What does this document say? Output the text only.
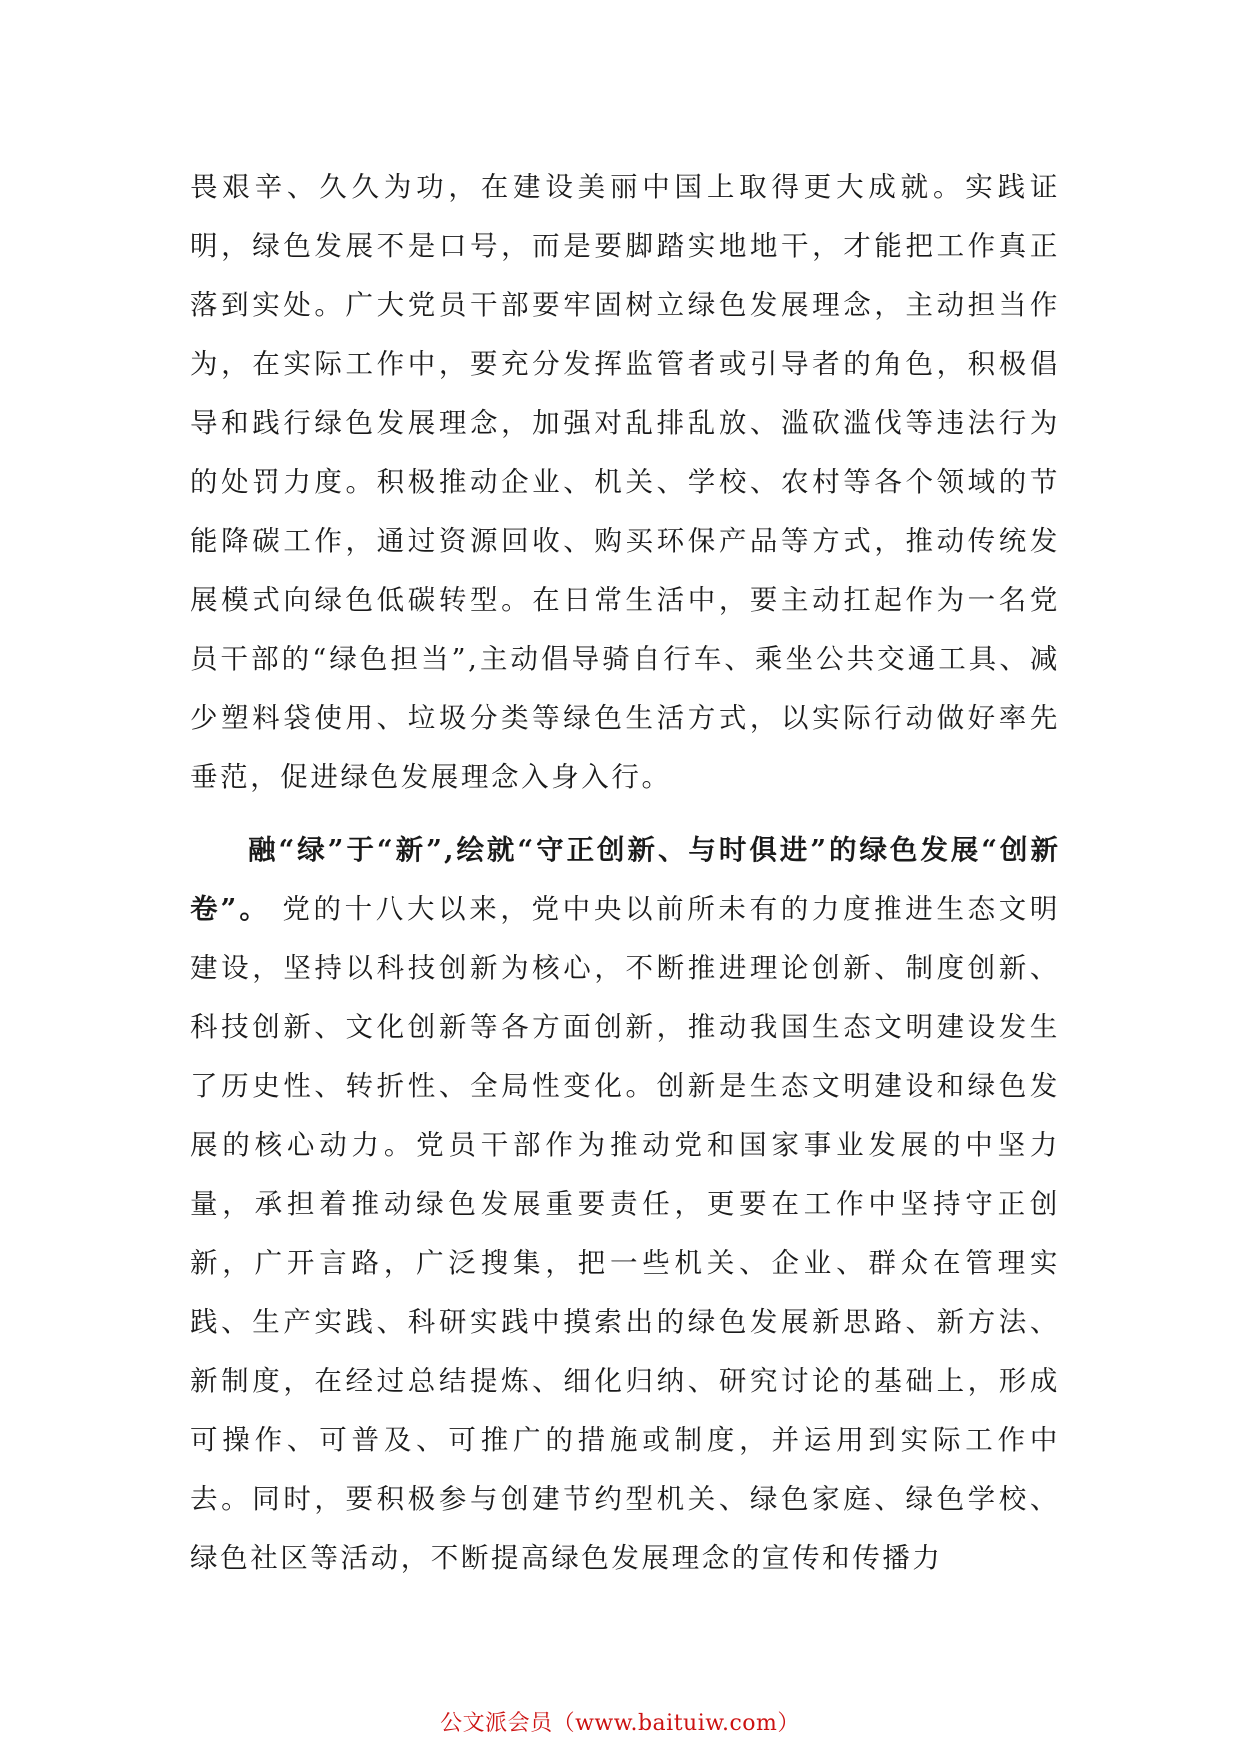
畏艰辛、久久为功，在建设美丽中国上取得更大成就。实践证明，绿色发展不是口号，而是要脚踏实地地干，才能把工作真正落到实处。广大党员干部要牢固树立绿色发展理念，主动担当作为，在实际工作中，要充分发挥监管者或引导者的角色，积极倡导和践行绿色发展理念，加强对乱排乱放、滥砍滥伐等违法行为的处罚力度。积极推动企业、机关、学校、农村等各个领域的节能降碳工作，通过资源回收、购买环保产品等方式，推动传统发展模式向绿色低碳转型。在日常生活中，要主动扛起作为一名党员干部的“绿色担当”,主动倡导骑自行车、乘坐公共交通工具、减少塑料袋使用、垃圾分类等绿色生活方式，以实际行动做好率先垂范，促进绿色发展理念入身入行。

融“绿”于“新”,绘就“守正创新、与时俱进”的绿色发展“创新卷”。 党的十八大以来，党中央以前所未有的力度推进生态文明建设，坚持以科技创新为核心，不断推进理论创新、制度创新、科技创新、文化创新等各方面创新，推动我国生态文明建设发生了历史性、转折性、全局性变化。创新是生态文明建设和绿色发展的核心动力。党员干部作为推动党和国家事业发展的中坚力量，承担着推动绿色发展重要责任，更要在工作中坚持守正创新，广开言路，广泛搜集，把一些机关、企业、群众在管理实践、生产实践、科研实践中摸索出的绿色发展新思路、新方法、新制度，在经过总结提炼、细化归纳、研究讨论的基础上，形成可操作、可普及、可推广的措施或制度，并运用到实际工作中去。同时，要积极参与创建节约型机关、绿色家庭、绿色学校、绿色社区等活动，不断提高绿色发展理念的宣传和传播力

公文派会员（www.baituiw.com）
